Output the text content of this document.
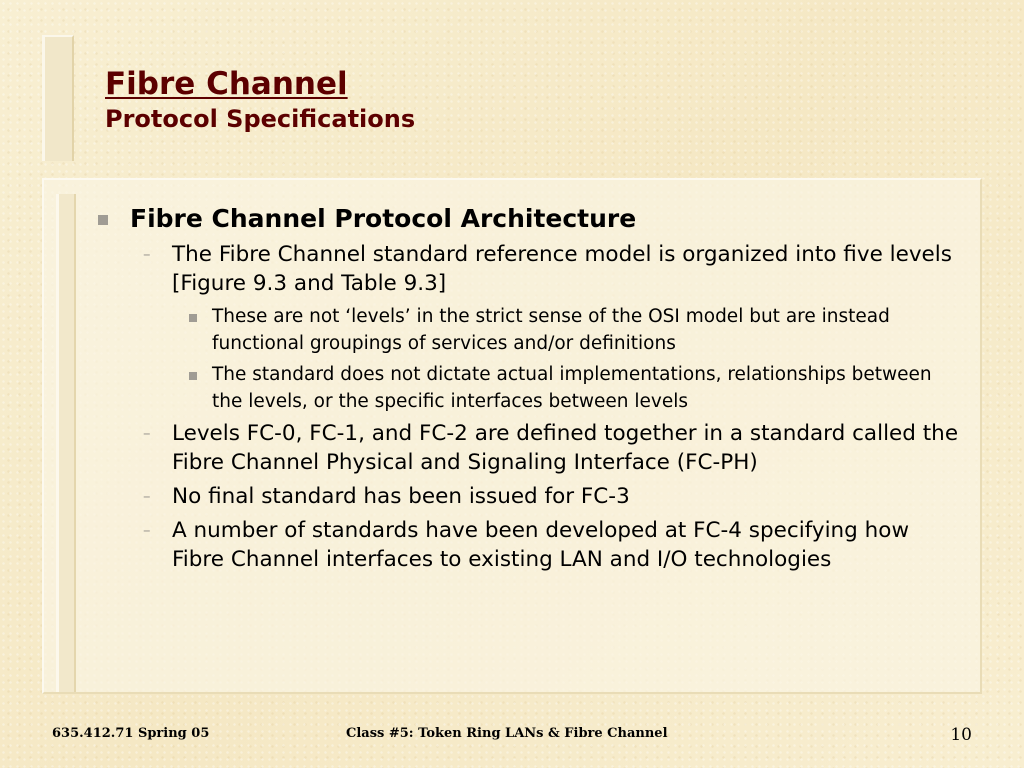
Fibre Channel
Protocol Specifications
Fibre Channel Protocol Architecture
– The Fibre Channel standard reference model is organized into five levels [Figure 9.3 and Table 9.3]
These are not ‘levels’ in the strict sense of the OSI model but are instead functional groupings of services and/or definitions
The standard does not dictate actual implementations, relationships between the levels, or the specific interfaces between levels
– Levels FC-0, FC-1, and FC-2 are defined together in a standard called the Fibre Channel Physical and Signaling Interface (FC-PH)
– No final standard has been issued for FC-3
– A number of standards have been developed at FC-4 specifying how Fibre Channel interfaces to existing LAN and I/O technologies
635.412.71 Spring 05	Class #5: Token Ring LANs & Fibre Channel	10
